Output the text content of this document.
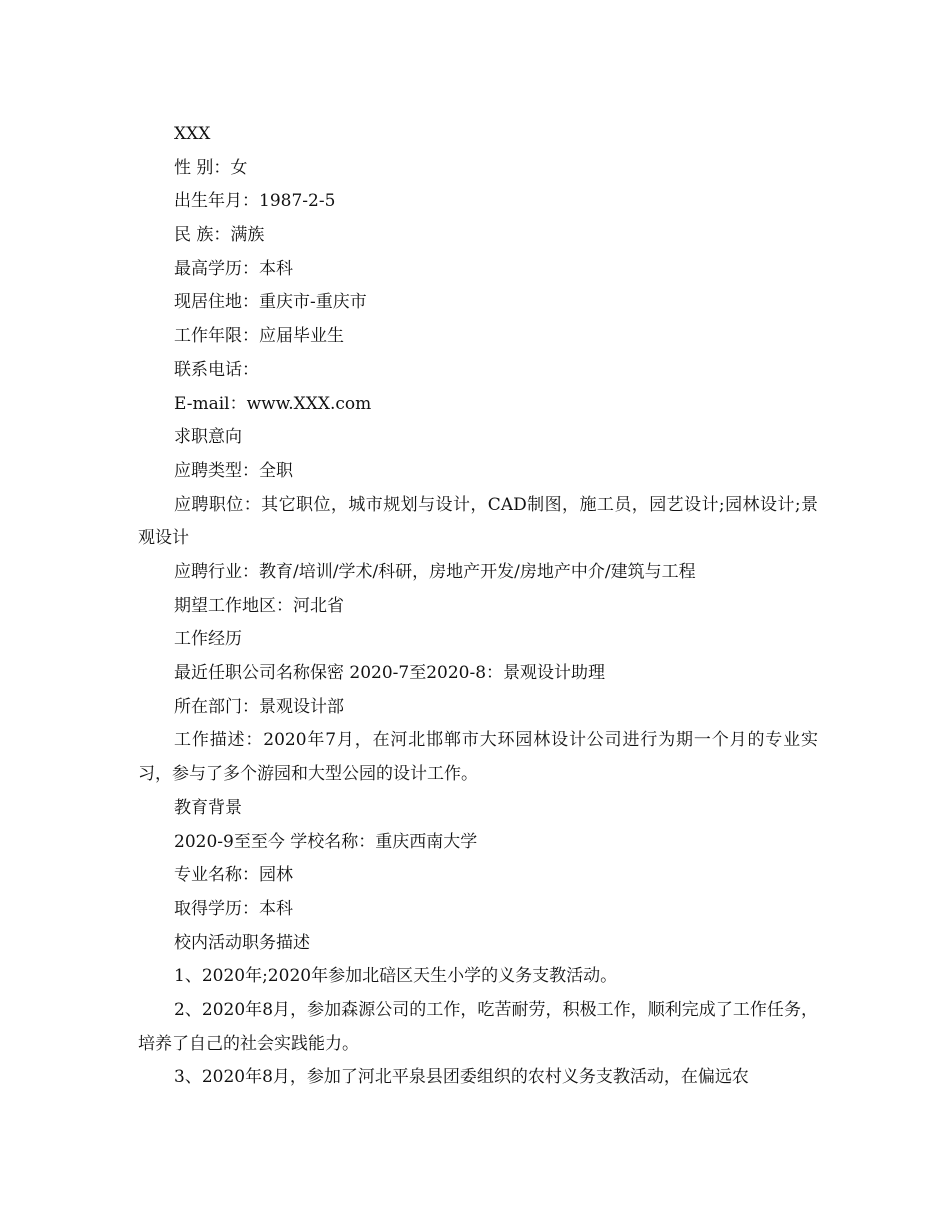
XXX
性 别：女
出生年月：1987-2-5
民 族：满族
最高学历：本科
现居住地：重庆市-重庆市
工作年限：应届毕业生
联系电话：
E-mail：www.XXX.com
求职意向
应聘类型：全职
应聘职位：其它职位，城市规划与设计，CAD制图，施工员，园艺设计;园林设计;景观设计
应聘行业：教育/培训/学术/科研，房地产开发/房地产中介/建筑与工程
期望工作地区：河北省
工作经历
最近任职公司名称保密 2020-7至2020-8：景观设计助理
所在部门：景观设计部
工作描述：2020年7月，在河北邯郸市大环园林设计公司进行为期一个月的专业实习，参与了多个游园和大型公园的设计工作。
教育背景
2020-9至至今 学校名称：重庆西南大学
专业名称：园林
取得学历：本科
校内活动职务描述
1、2020年;2020年参加北碚区天生小学的义务支教活动。
2、2020年8月，参加森源公司的工作，吃苦耐劳，积极工作，顺利完成了工作任务，培养了自己的社会实践能力。
3、2020年8月，参加了河北平泉县团委组织的农村义务支教活动，在偏远农
